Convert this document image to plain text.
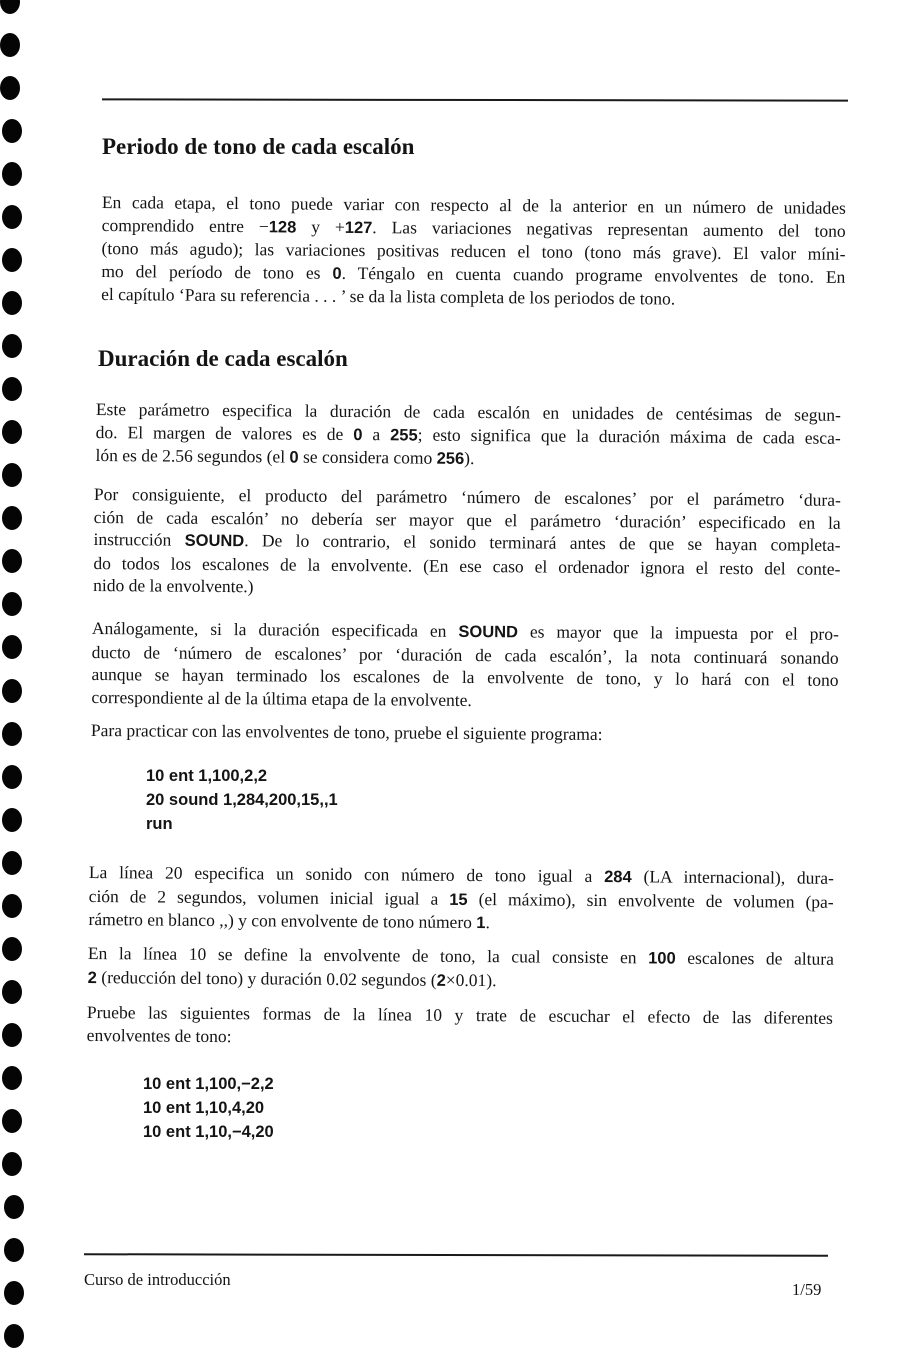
Periodo de tono de cada escalón
En cada etapa, el tono puede variar con respecto al de la anterior en un número de unidades
comprendido entre −128 y +127. Las variaciones negativas representan aumento del tono
(tono más agudo); las variaciones positivas reducen el tono (tono más grave). El valor míni-
mo del período de tono es 0. Téngalo en cuenta cuando programe envolventes de tono. En
el capítulo ‘Para su referencia . . . ’ se da la lista completa de los periodos de tono.
Duración de cada escalón
Este parámetro especifica la duración de cada escalón en unidades de centésimas de segun-
do. El margen de valores es de 0 a 255; esto significa que la duración máxima de cada esca-
lón es de 2.56 segundos (el 0 se considera como 256).
Por consiguiente, el producto del parámetro ‘número de escalones’ por el parámetro ‘dura-
ción de cada escalón’ no debería ser mayor que el parámetro ‘duración’ especificado en la
instrucción SOUND. De lo contrario, el sonido terminará antes de que se hayan completa-
do todos los escalones de la envolvente. (En ese caso el ordenador ignora el resto del conte-
nido de la envolvente.)
Análogamente, si la duración especificada en SOUND es mayor que la impuesta por el pro-
ducto de ‘número de escalones’ por ‘duración de cada escalón’, la nota continuará sonando
aunque se hayan terminado los escalones de la envolvente de tono, y lo hará con el tono
correspondiente al de la última etapa de la envolvente.
Para practicar con las envolventes de tono, pruebe el siguiente programa:
10 ent 1,100,2,2
20 sound 1,284,200,15,,1
run
La línea 20 especifica un sonido con número de tono igual a 284 (LA internacional), dura-
ción de 2 segundos, volumen inicial igual a 15 (el máximo), sin envolvente de volumen (pa-
rámetro en blanco ,,) y con envolvente de tono número 1.
En la línea 10 se define la envolvente de tono, la cual consiste en 100 escalones de altura
2 (reducción del tono) y duración 0.02 segundos (2×0.01).
Pruebe las siguientes formas de la línea 10 y trate de escuchar el efecto de las diferentes
envolventes de tono:
10 ent 1,100,−2,2
10 ent 1,10,4,20
10 ent 1,10,−4,20
Curso de introducción
1/59
